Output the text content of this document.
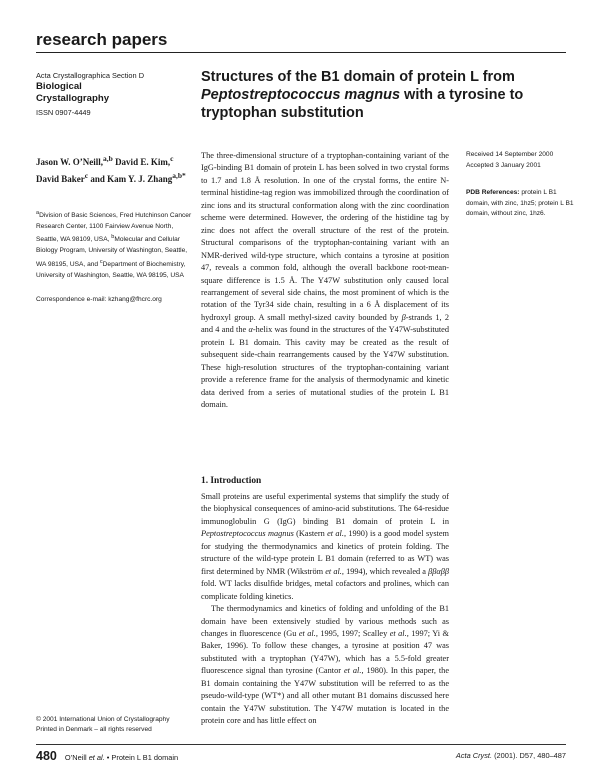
research papers
Acta Crystallographica Section D
Biological
Crystallography
ISSN 0907-4449
Structures of the B1 domain of protein L from
Peptostreptococcus magnus with a tyrosine to tryptophan substitution
Jason W. O’Neill,$^{a,b}$ David E. Kim,$^c$ David Baker$^c$ and Kam Y. J. Zhang$^{a,b*}$
$^a$Division of Basic Sciences, Fred Hutchinson Cancer Research Center, 1100 Fairview Avenue North, Seattle, WA 98109, USA, $^b$Molecular and Cellular Biology Program, University of Washington, Seattle, WA 98195, USA, and $^c$Department of Biochemistry, University of Washington, Seattle, WA 98195, USA
Correspondence e-mail: kzhang@fhcrc.org
The three-dimensional structure of a tryptophan-containing variant of the IgG-binding B1 domain of protein L has been solved in two crystal forms to 1.7 and 1.8 Å resolution. In one of the crystal forms, the entire N-terminal histidine-tag region was immobilized through the coordination of zinc ions and its structural conformation along with the zinc coordination scheme were determined. However, the ordering of the histidine tag by zinc does not affect the overall structure of the rest of the protein. Structural comparisons of the tryptophan-containing variant with an NMR-derived wild-type structure, which contains a tyrosine at position 47, reveals a common fold, although the overall backbone root-mean-square difference is 1.5 Å. The Y47W substitution only caused local rearrangement of several side chains, the most prominent of which is the rotation of the Tyr34 side chain, resulting in a 6 Å displacement of its hydroxyl group. A small methyl-sized cavity bounded by β-strands 1, 2 and 4 and the α-helix was found in the structures of the Y47W-substituted protein L B1 domain. This cavity may be created as the result of subsequent side-chain rearrangements caused by the Y47W substitution. These high-resolution structures of the tryptophan-containing variant provide a reference frame for the analysis of thermodynamic and kinetic data derived from a series of mutational studies of the protein L B1 domain.
Received 14 September 2000
Accepted 3 January 2001
PDB References: protein L B1 domain, with zinc, 1hz5; protein L B1 domain, without zinc, 1hz6.
1. Introduction

Small proteins are useful experimental systems that simplify the study of the biophysical consequences of amino-acid substitutions. The 64-residue immunoglobulin G (IgG) binding B1 domain of protein L in Peptostreptococcus magnus (Kastern et al., 1990) is a good model system for studying the thermodynamics and kinetics of protein folding. The structure of the wild-type protein L B1 domain (referred to as WT) was first determined by NMR (Wikström et al., 1994), which revealed a ββαββ fold. WT lacks disulfide bridges, metal cofactors and prolines, which can complicate folding kinetics.

The thermodynamics and kinetics of folding and unfolding of the B1 domain have been extensively studied by various methods such as changes in fluorescence (Gu et al., 1995, 1997; Scalley et al., 1997; Yi & Baker, 1996). To follow these changes, a tyrosine at position 47 was substituted with a tryptophan (Y47W), which has a 5.5-fold greater fluorescence signal than tyrosine (Cantor et al., 1980). In this paper, the B1 domain containing the Y47W substitution will be referred to as the pseudo-wild-type (WT*) and all other mutant B1 domains discussed here contain the Y47W substitution. The Y47W mutation is located in the protein core and has little effect on

© 2001 International Union of Crystallography
Printed in Denmark – all rights reserved
480 O’Neill et al. • Protein L B1 domain	Acta Cryst. (2001). D57, 480–487
